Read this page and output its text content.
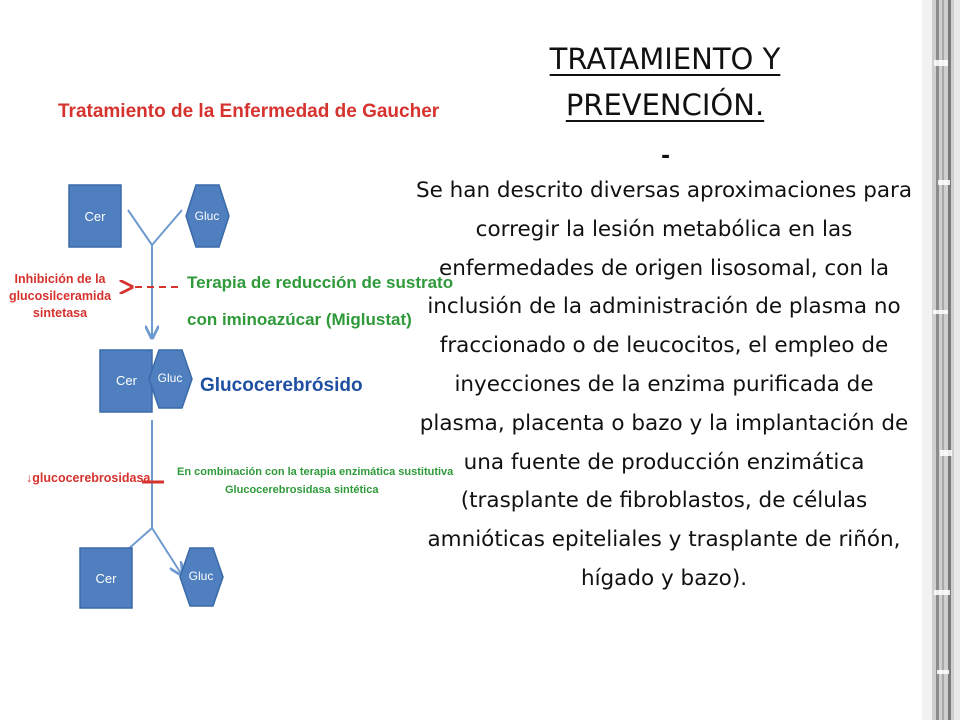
TRATAMIENTO Y
PREVENCIÓN.
-
Se han descrito diversas aproximaciones para corregir la lesión metabólica en las enfermedades de origen lisosomal, con la inclusión de la administración de plasma no fraccionado o de leucocitos, el empleo de inyecciones de la enzima purificada de plasma, placenta o bazo y la implantación de una fuente de producción enzimática (trasplante de fibroblastos, de células amnióticas epiteliales y trasplante de riñón, hígado y bazo).
Tratamiento de la Enfermedad de Gaucher
Cer	Gluc
Inhibición de la
glucosilceramida
sintetasa
Terapia de reducción de sustrato
con iminoazúcar (Miglustat)
Cer Gluc Glucocerebrósido
↓glucocerebrosidasa En combinación con la terapia enzimática sustitutiva
Glucocerebrosidasa sintética
Cer	Gluc
